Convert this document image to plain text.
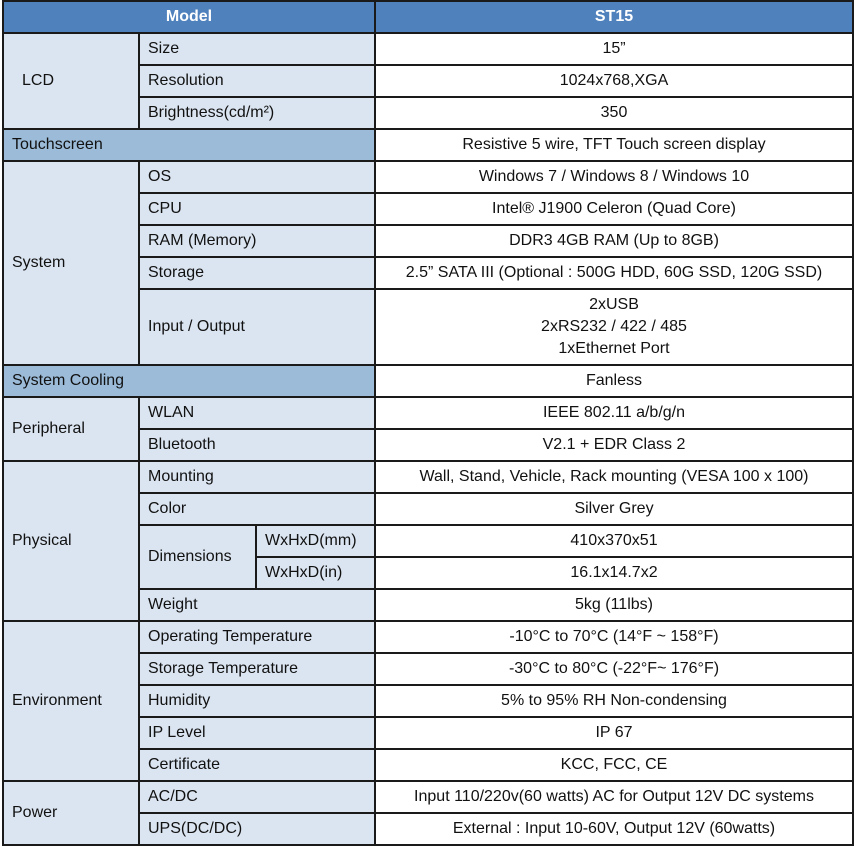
Model			ST15
LCD	Size		15”
	Resolution		1024x768,XGA
	Brightness(cd/m²)		350
Touchscreen			Resistive 5 wire, TFT Touch screen display
System	OS		Windows 7 / Windows 8 / Windows 10
	CPU		Intel® J1900 Celeron (Quad Core)
	RAM (Memory)		DDR3 4GB RAM (Up to 8GB)
	Storage		2.5” SATA III (Optional : 500G HDD, 60G SSD, 120G SSD)
	Input / Output		2xUSB
2xRS232 / 422 / 485
1xEthernet Port

System Cooling			Fanless
Peripheral	WLAN		IEEE 802.11 a/b/g/n
	Bluetooth		V2.1 + EDR Class 2
Physical	Mounting		Wall, Stand, Vehicle, Rack mounting (VESA 100 x 100)
	Color		Silver Grey
	Dimensions	WxHxD(mm)	410x370x51
		WxHxD(in)	16.1x14.7x2
	Weight		5kg (11lbs)
Environment	Operating Temperature		-10°C to 70°C (14°F ~ 158°F)
	Storage Temperature		-30°C to 80°C (-22°F~ 176°F)
	Humidity		5% to 95% RH Non-condensing
	IP Level		IP 67
	Certificate		KCC, FCC, CE
Power	AC/DC		Input 110/220v(60 watts) AC for Output 12V DC systems
	UPS(DC/DC)		External : Input 10-60V, Output 12V (60watts)
